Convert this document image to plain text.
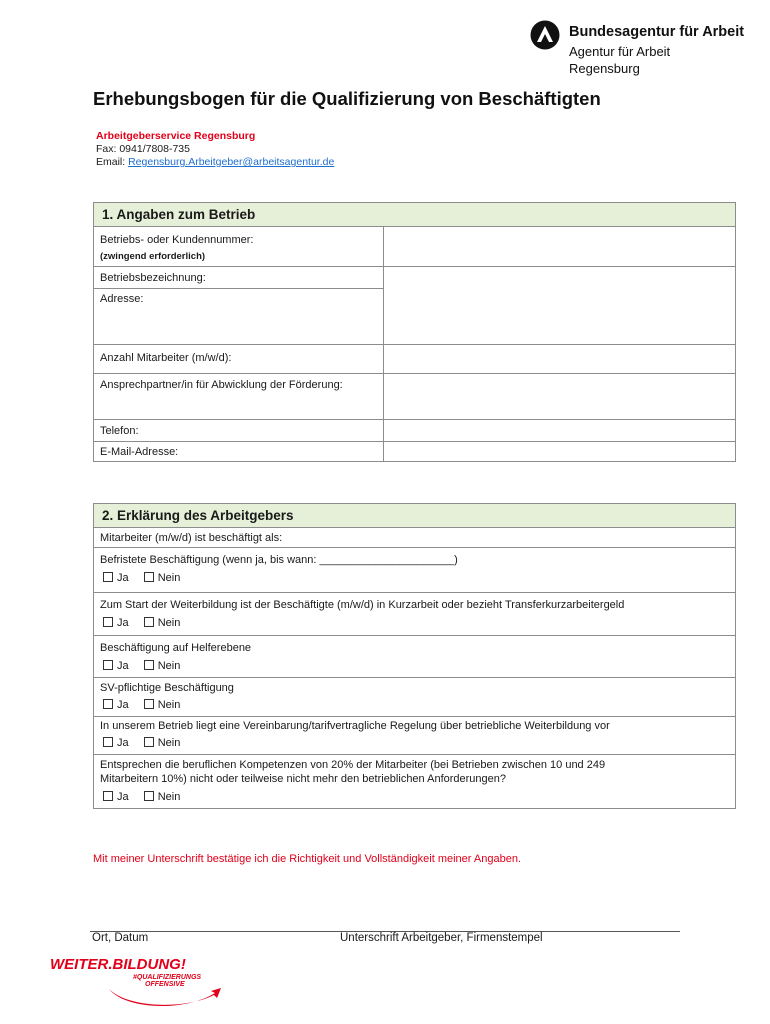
Bundesagentur für Arbeit
Agentur für Arbeit
Regensburg
Erhebungsbogen für die Qualifizierung von Beschäftigten
Arbeitgeberservice Regensburg
Fax: 0941/7808-735
Email: Regensburg.Arbeitgeber@arbeitsagentur.de
1. Angaben zum Betrieb	

Betriebs- oder Kundennummer:
(zwingend erforderlich)	

Betriebsbezeichnung:	
Adresse:	
Anzahl Mitarbeiter (m/w/d):	
Ansprechpartner/in für Abwicklung der Förderung:	
Telefon:	
E-Mail-Adresse:	
2. Erklärung des Arbeitgebers
Mitarbeiter (m/w/d) ist beschäftigt als:

Befristete Beschäftigung (wenn ja, bis wann: ______________________)
Ja	Nein

Zum Start der Weiterbildung ist der Beschäftigte (m/w/d) in Kurzarbeit oder bezieht Transferkurzarbeitergeld
Ja	Nein

Beschäftigung auf Helferebene
Ja	Nein

SV-pflichtige Beschäftigung
Ja	Nein

In unserem Betrieb liegt eine Vereinbarung/tarifvertragliche Regelung über betriebliche Weiterbildung vor
Ja	Nein

Entsprechen die beruflichen Kompetenzen von 20% der Mitarbeiter (bei Betrieben zwischen 10 und 249
Mitarbeitern 10%) nicht oder teilweise nicht mehr den betrieblichen Anforderungen?
Ja	Nein
Mit meiner Unterschrift bestätige ich die Richtigkeit und Vollständigkeit meiner Angaben.
Ort, Datum	Unterschrift Arbeitgeber, Firmenstempel
WEITER.BILDUNG!
#QUALIFIZIERUNGS
OFFENSIVE
